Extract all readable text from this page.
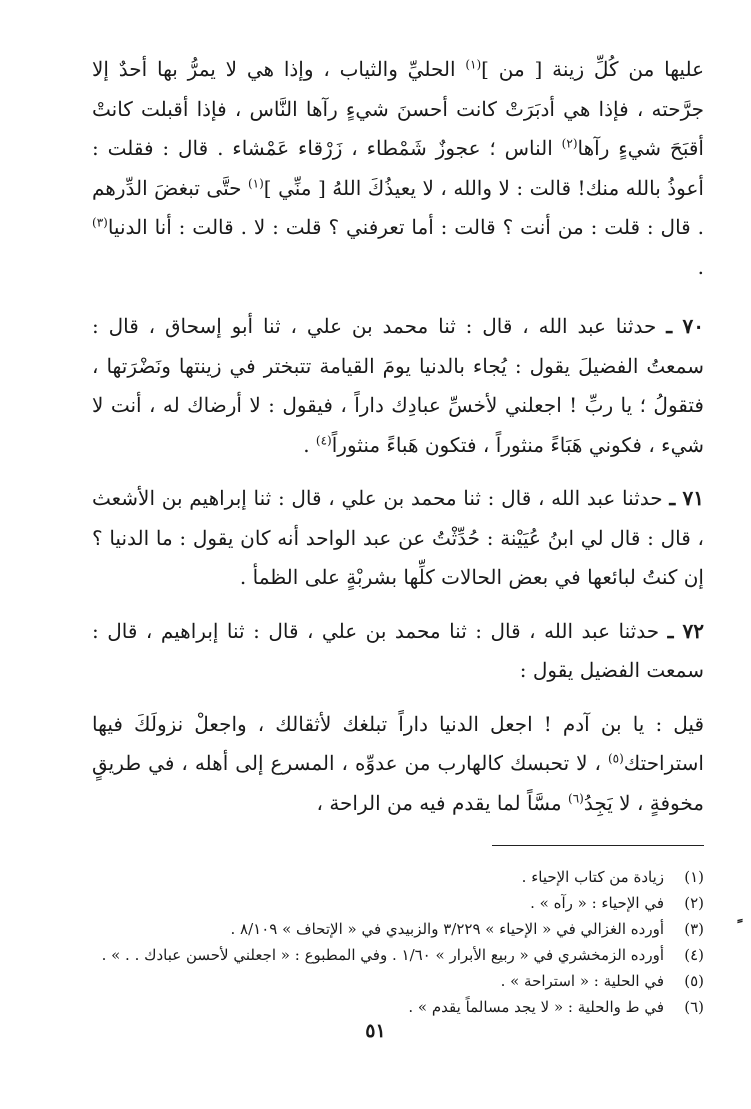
عليها من كُلِّ زينة [ من ]$^{(١)}$ الحليِّ والثياب ، وإذا هي لا يمرُّ بها أحدٌ إلا جرَّحته ، فإذا هي أدبَرَتْ كانت أحسنَ شيءٍ رآها النَّاس ، فإذا أقبلت كانتْ أقبَحَ شيءٍ رآها$^{(٢)}$ الناس ؛ عجوزٌ شَمْطاء ، زَرْقاء عَمْشاء . قال : فقلت : أعوذُ بالله منك! قالت : لا والله ، لا يعيذُكَ اللهُ [ منِّي ]$^{(١)}$ حتَّى تبغضَ الدِّرهم . قال : قلت : من أنت ؟ قالت : أما تعرفني ؟ قلت : لا . قالت : أنا الدنيا$^{(٣)}$ .

٧٠ ـ حدثنا عبد الله ، قال : ثنا محمد بن علي ، ثنا أبو إسحاق ، قال : سمعتُ الفضيلَ يقول : يُجاء بالدنيا يومَ القيامة تتبختر في زينتها ونَضْرَتها ، فتقولُ ؛ يا ربِّ ! اجعلني لأخسِّ عبادِك داراً ، فيقول : لا أرضاك له ، أنت لا شيء ، فكوني هَبَاءً منثوراً ، فتكون هَباءً منثوراً$^{(٤)}$ .

٧١ ـ حدثنا عبد الله ، قال : ثنا محمد بن علي ، قال : ثنا إبراهيم بن الأشعث ، قال : قال لي ابنُ عُيَيْنة : حُدِّثْتُ عن عبد الواحد أنه كان يقول : ما الدنيا ؟ إن كنتُ لبائعها في بعض الحالات كلِّها بشربْةٍ على الظمأ .

٧٢ ـ حدثنا عبد الله ، قال : ثنا محمد بن علي ، قال : ثنا إبراهيم ، قال : سمعت الفضيل يقول :

قيل : يا بن آدم ! اجعل الدنيا داراً تبلغك لأثقالك ، واجعلْ نزولَكَ فيها استراحتك$^{(٥)}$ ، لا تحبسك كالهارب من عدوِّه ، المسرع إلى أهله ، في طريقٍ مخوفةٍ ، لا يَجِدُ$^{(٦)}$ مسَّاً لما يقدم فيه من الراحة ،

(١)
زيادة من كتاب الإحياء .
(٢)
في الإحياء : « رآه » .
(٣)
أورده الغزالي في « الإحياء » ٣/٢٢٩ والزبيدي في « الإتحاف » ٨/١٠٩ .
(٤)
أورده الزمخشري في « ربيع الأبرار » ١/٦٠ . وفي المطبوع : « اجعلني لأحسن عبادك . . » .
(٥)
في الحلية : « استراحة » .
(٦)
في ط والحلية : « لا يجد مسالماً يقدم » .
٥١
